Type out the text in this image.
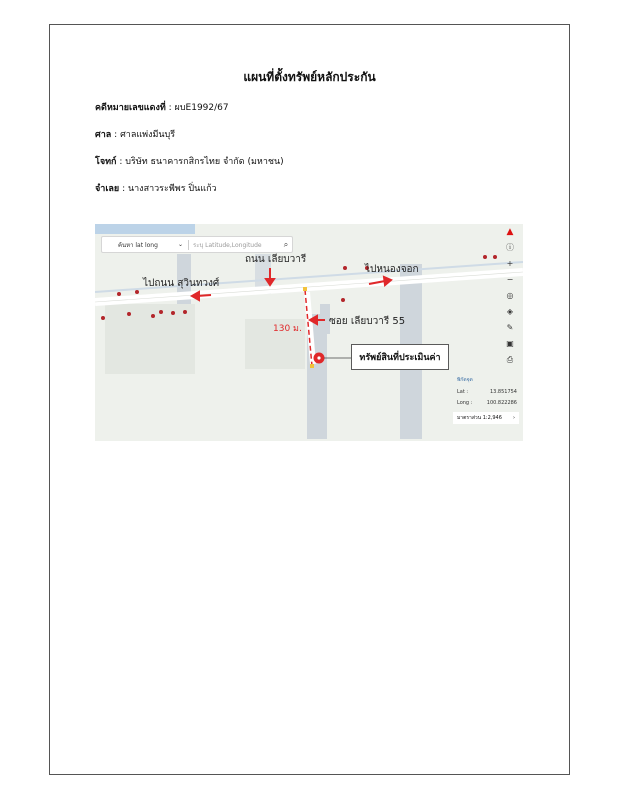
แผนที่ตั้งทรัพย์หลักประกัน
คดีหมายเลขแดงที่ : ผบE1992/67
ศาล : ศาลแพ่งมีนบุรี
โจทก์ : บริษัท ธนาคารกสิกรไทย จำกัด (มหาชน)
จำเลย : นางสาวระพีพร ปิ่นแก้ว
ค้นหา lat long	⌄	ระบุ Latitude,Longitude	⌕
▲
ⓘ
+
−
◎
◈
✎
▣
⎙
ถนน เลียบวารี
ไปถนน สุวินทวงศ์
ไปหนองจอก
ซอย เลียบวารี 55
130 ม.
ทรัพย์สินที่ประเมินค่า
พิกัดจุด
Lat :	13.851754
Long :	100.822286
มาตราส่วน 1:2,946 ›
